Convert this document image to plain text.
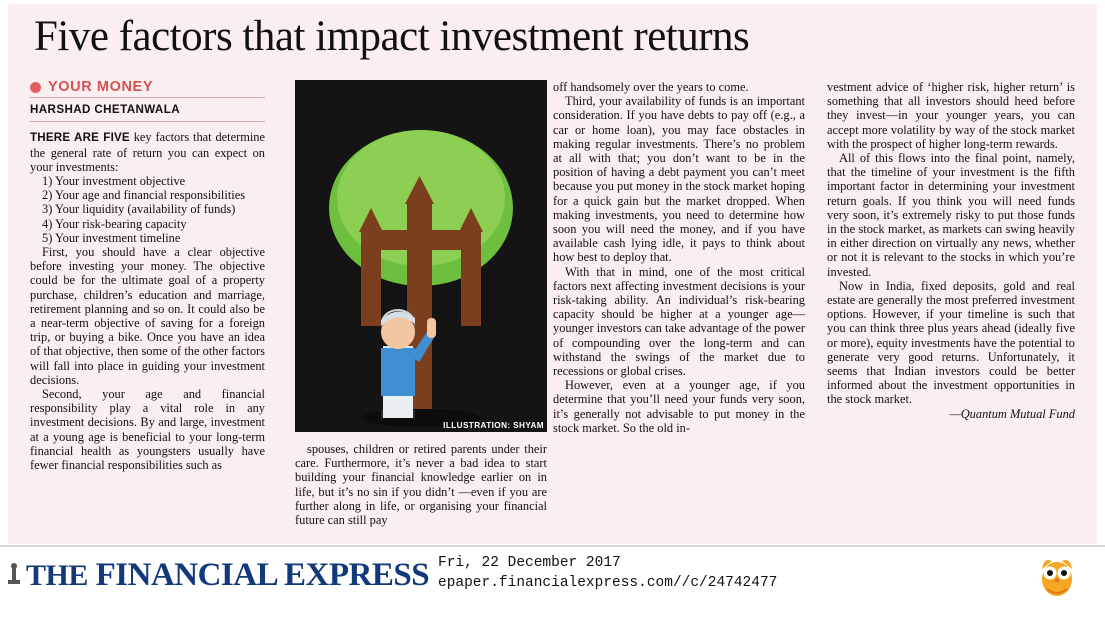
Five factors that impact investment returns
YOUR MONEY
HARSHAD CHETANWALA

THERE ARE FIVE key factors that determine the general rate of return you can expect on your investments:

1) Your investment objective

2) Your age and financial responsibilities

3) Your liquidity (availability of funds)

4) Your risk-bearing capacity

5) Your investment timeline

First, you should have a clear objective before investing your money. The objective could be for the ultimate goal of a property purchase, children’s education and marriage, retirement planning and so on. It could also be a near-term objective of saving for a foreign trip, or buying a bike. Once you have an idea of that objective, then some of the other factors will fall into place in guiding your investment decisions.

Second, your age and financial responsibility play a vital role in any investment decisions. By and large, investment at a young age is beneficial to your long-term financial health as youngsters usually have fewer financial responsibilities such as

ILLUSTRATION: SHYAM

spouses, children or retired parents under their care. Furthermore, it’s never a bad idea to start building your financial knowledge earlier on in life, but it’s no sin if you didn’t —even if you are further along in life, or organising your financial future can still pay

off handsomely over the years to come.

Third, your availability of funds is an important consideration. If you have debts to pay off (e.g., a car or home loan), you may face obstacles in making regular investments. There’s no problem at all with that; you don’t want to be in the position of having a debt payment you can’t meet because you put money in the stock market hoping for a quick gain but the market dropped. When making investments, you need to determine how soon you will need the money, and if you have available cash lying idle, it pays to think about how best to deploy that.

With that in mind, one of the most critical factors next affecting investment decisions is your risk-taking ability. An individual’s risk-bearing capacity should be higher at a younger age— younger investors can take advantage of the power of compounding over the long-term and can withstand the swings of the market due to recessions or global crises.

However, even at a younger age, if you determine that you’ll need your funds very soon, it’s generally not advisable to put money in the stock market. So the old in-

vestment advice of ‘higher risk, higher return’ is something that all investors should heed before they invest—in your younger years, you can accept more volatility by way of the stock market with the prospect of higher long-term rewards.

All of this flows into the final point, namely, that the timeline of your investment is the fifth important factor in determining your investment return goals. If you think you will need funds very soon, it’s extremely risky to put those funds in the stock market, as markets can swing heavily in either direction on virtually any news, whether or not it is relevant to the stocks in which you’re invested.

Now in India, fixed deposits, gold and real estate are generally the most preferred investment options. However, if your timeline is such that you can think three plus years ahead (ideally five or more), equity investments have the potential to generate very good returns. Unfortunately, it seems that Indian investors could be better informed about the investment opportunities in the stock market.

—Quantum Mutual Fund

THE FINANCIAL EXPRESS Fri, 22 December 2017
epaper.financialexpress.com//c/24742477
